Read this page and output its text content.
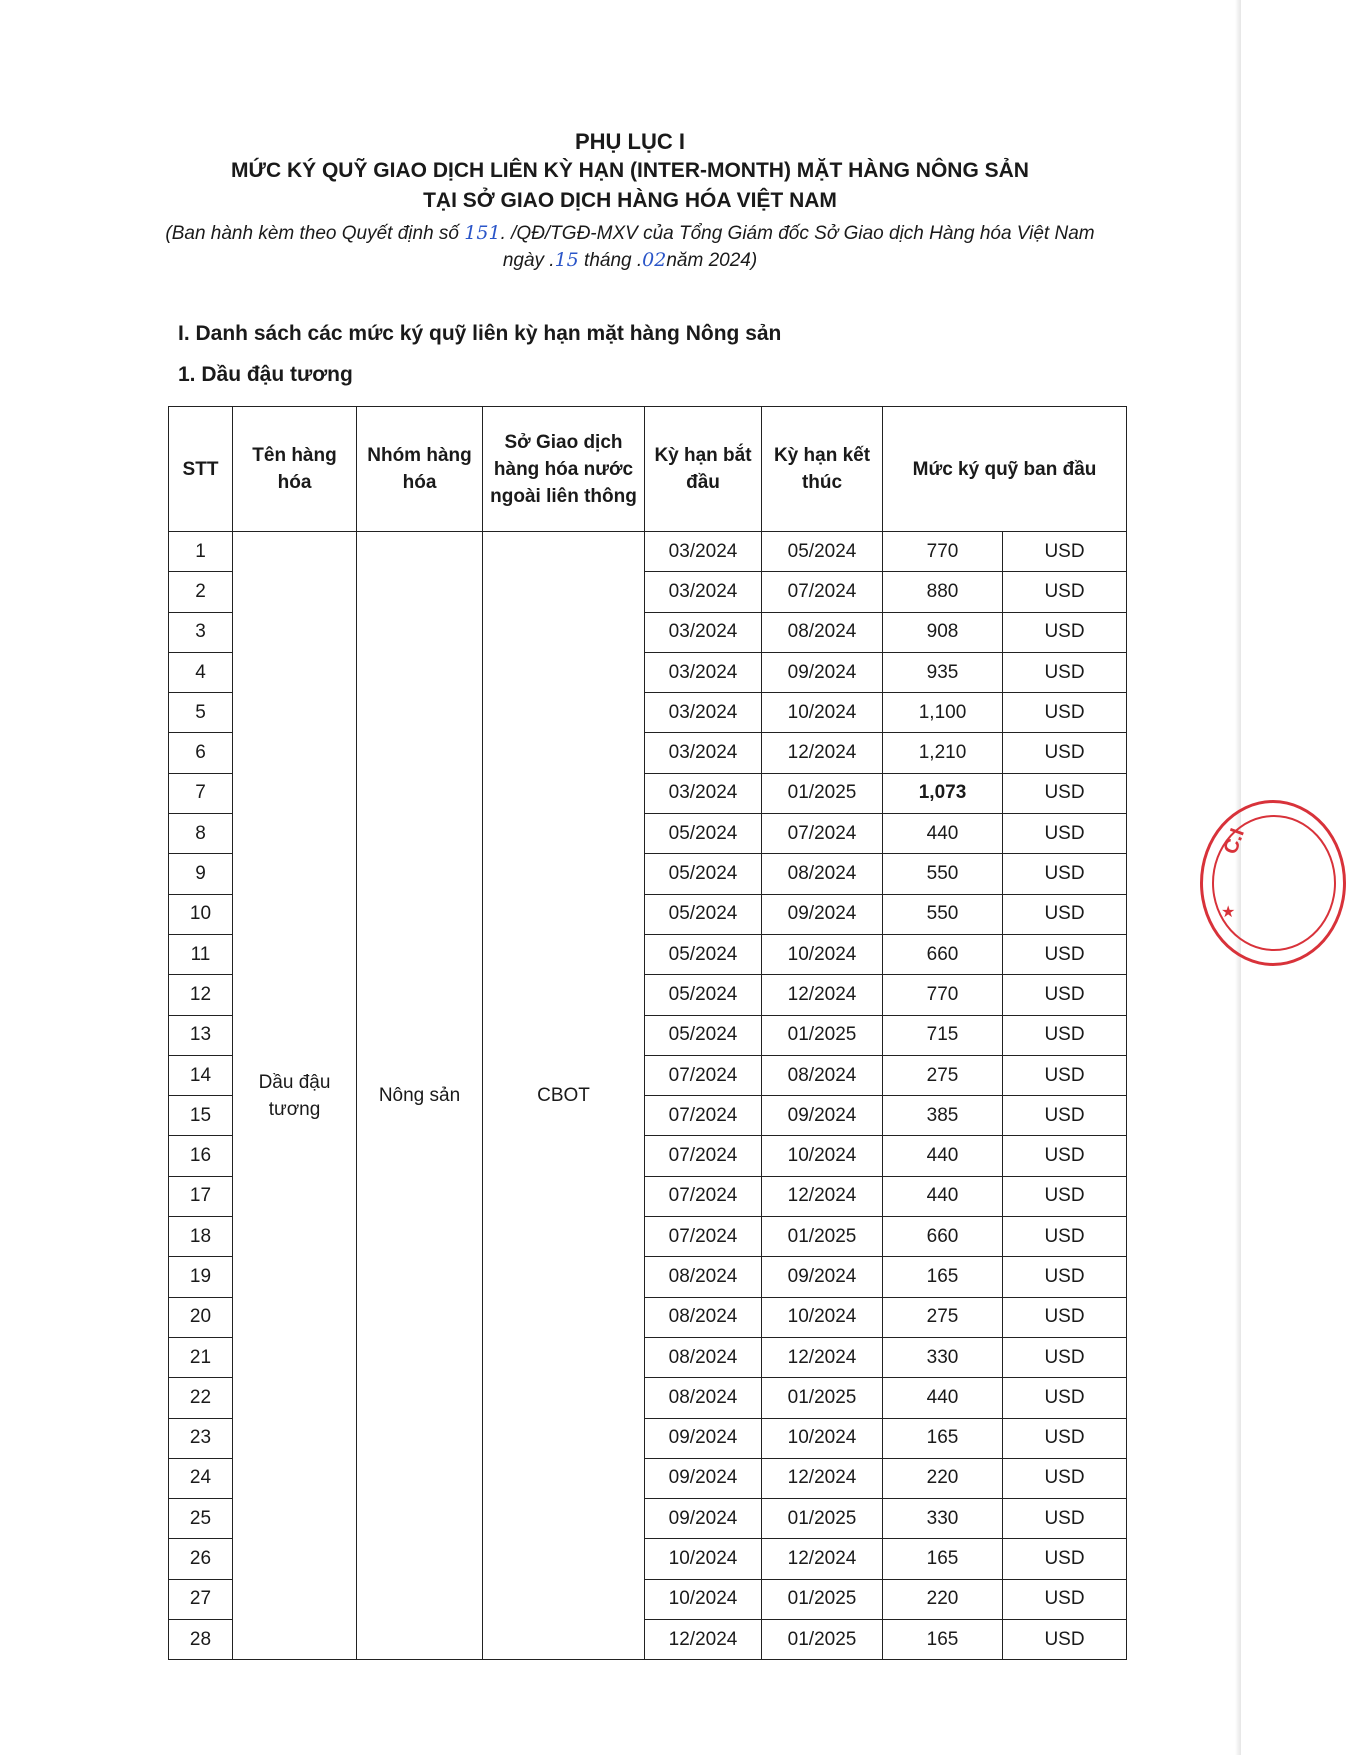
PHỤ LỤC I
MỨC KÝ QUỸ GIAO DỊCH LIÊN KỲ HẠN (INTER-MONTH) MẶT HÀNG NÔNG SẢN
TẠI SỞ GIAO DỊCH HÀNG HÓA VIỆT NAM
(Ban hành kèm theo Quyết định số 151. /QĐ/TGĐ-MXV của Tổng Giám đốc Sở Giao dịch Hàng hóa Việt Nam
ngày .15 tháng .02năm 2024)
I. Danh sách các mức ký quỹ liên kỳ hạn mặt hàng Nông sản
1. Dầu đậu tương
STT	Tên hàng hóa	Nhóm hàng hóa	Sở Giao dịch hàng hóa nước ngoài liên thông	Kỳ hạn bắt đầu	Kỳ hạn kết thúc	Mức ký quỹ ban đầu	
1	Dầu đậu tương	Nông sản	CBOT	03/2024	05/2024	770	USD
2				03/2024	07/2024	880	USD
3				03/2024	08/2024	908	USD
4				03/2024	09/2024	935	USD
5				03/2024	10/2024	1,100	USD
6				03/2024	12/2024	1,210	USD
7				03/2024	01/2025	1,073	USD
8				05/2024	07/2024	440	USD
9				05/2024	08/2024	550	USD
10				05/2024	09/2024	550	USD
11				05/2024	10/2024	660	USD
12				05/2024	12/2024	770	USD
13				05/2024	01/2025	715	USD
14				07/2024	08/2024	275	USD
15				07/2024	09/2024	385	USD
16				07/2024	10/2024	440	USD
17				07/2024	12/2024	440	USD
18				07/2024	01/2025	660	USD
19				08/2024	09/2024	165	USD
20				08/2024	10/2024	275	USD
21				08/2024	12/2024	330	USD
22				08/2024	01/2025	440	USD
23				09/2024	10/2024	165	USD
24				09/2024	12/2024	220	USD
25				09/2024	01/2025	330	USD
26				10/2024	12/2024	165	USD
27				10/2024	01/2025	220	USD
28				12/2024	01/2025	165	USD
C.I
★
